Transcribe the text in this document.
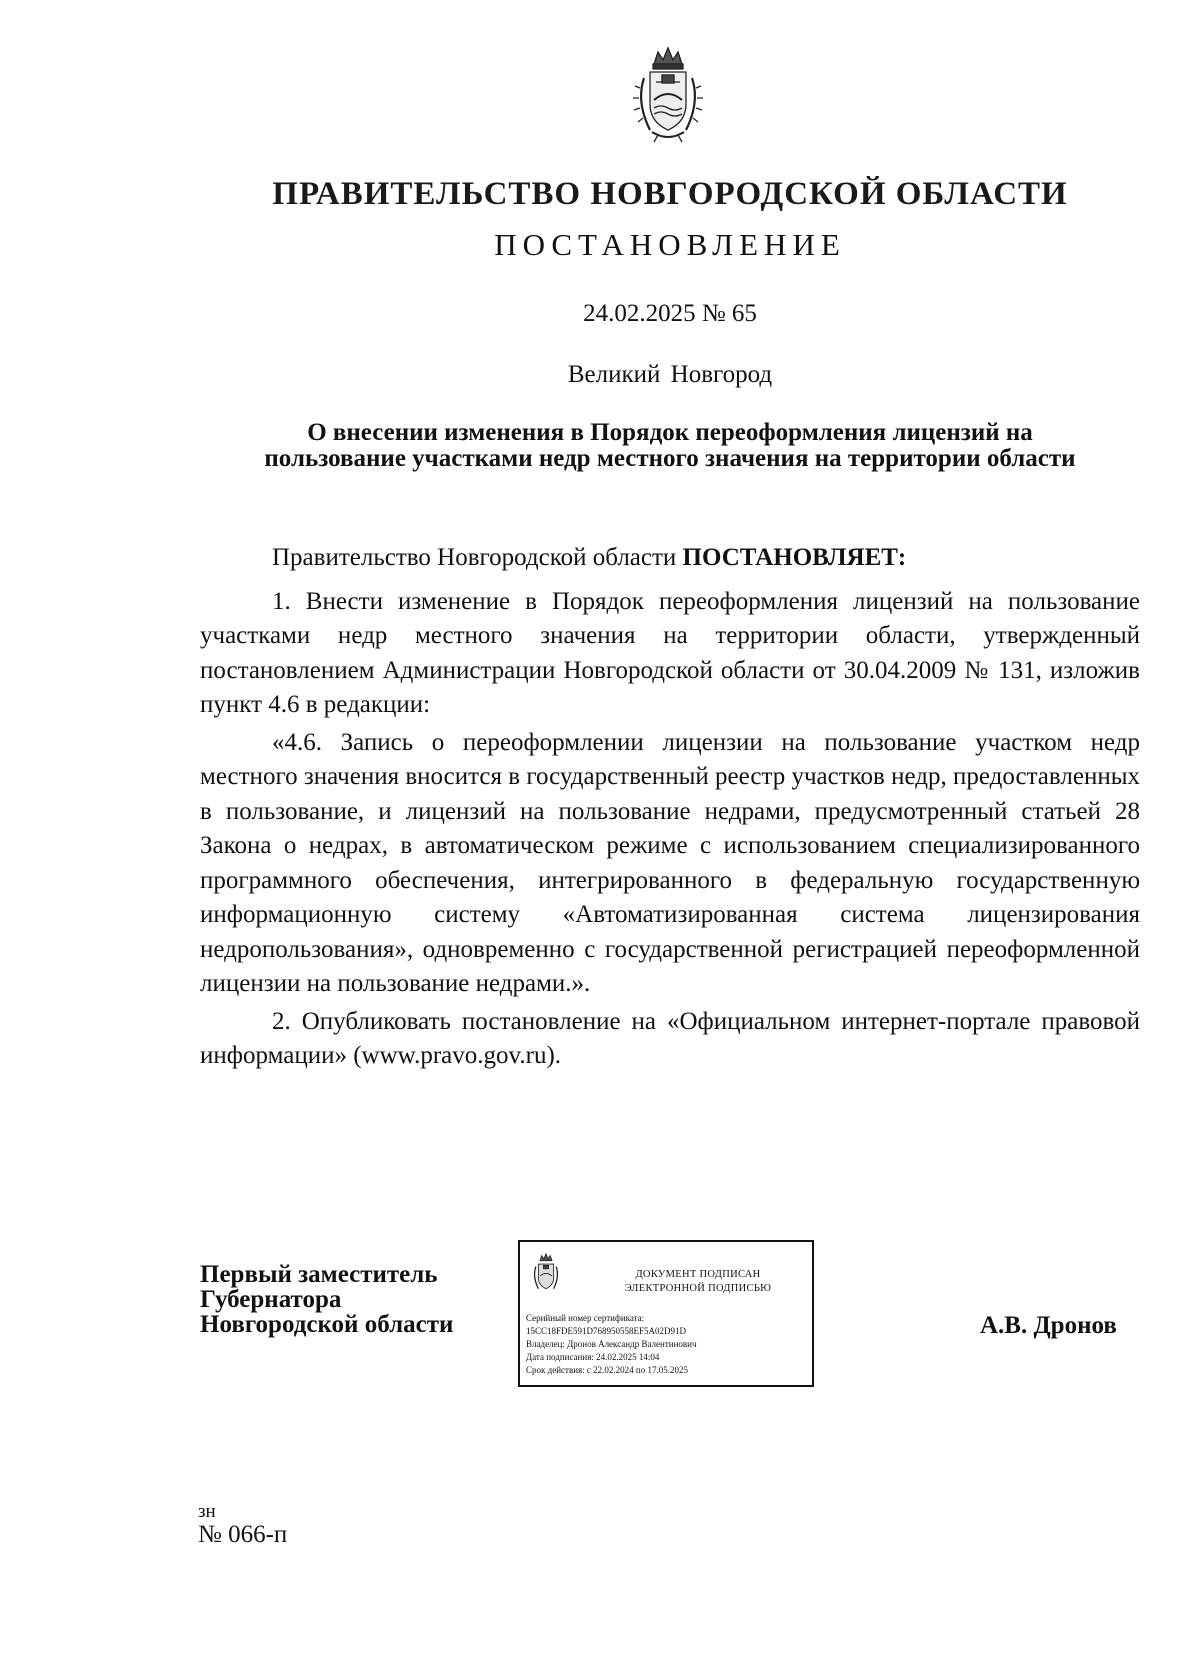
ПРАВИТЕЛЬСТВО НОВГОРОДСКОЙ ОБЛАСТИ
ПОСТАНОВЛЕНИЕ
24.02.2025 № 65
Великий Новгород
О внесении изменения в Порядок переоформления лицензий на
пользование участками недр местного значения на территории области

Правительство Новгородской области ПОСТАНОВЛЯЕТ:

1. Внести изменение в Порядок переоформления лицензий на пользование участками недр местного значения на территории области, утвержденный постановлением Администрации Новгородской области от 30.04.2009 № 131, изложив пункт 4.6 в редакции:

«4.6. Запись о переоформлении лицензии на пользование участком недр местного значения вносится в государственный реестр участков недр, предоставленных в пользование, и лицензий на пользование недрами, предусмотренный статьей 28 Закона о недрах, в автоматическом режиме с использованием специализированного программного обеспечения, интегрированного в федеральную государственную информационную систему «Автоматизированная система лицензирования недропользования», одновременно с государственной регистрацией переоформленной лицензии на пользование недрами.».

2. Опубликовать постановление на «Официальном интернет-портале правовой информации» (www.pravo.gov.ru).

Первый заместитель
Губернатора
Новгородской области
ДОКУМЕНТ ПОДПИСАН
ЭЛЕКТРОННОЙ ПОДПИСЬЮ
Серийный номер сертификата:
15CC18FDE591D768950558EF5A02D91D
Владелец: Дронов Александр Валентинович
Дата подписания: 24.02.2025 14:04
Срок действия: с 22.02.2024 по 17.05.2025
А.В. Дронов
зн
№ 066-п
